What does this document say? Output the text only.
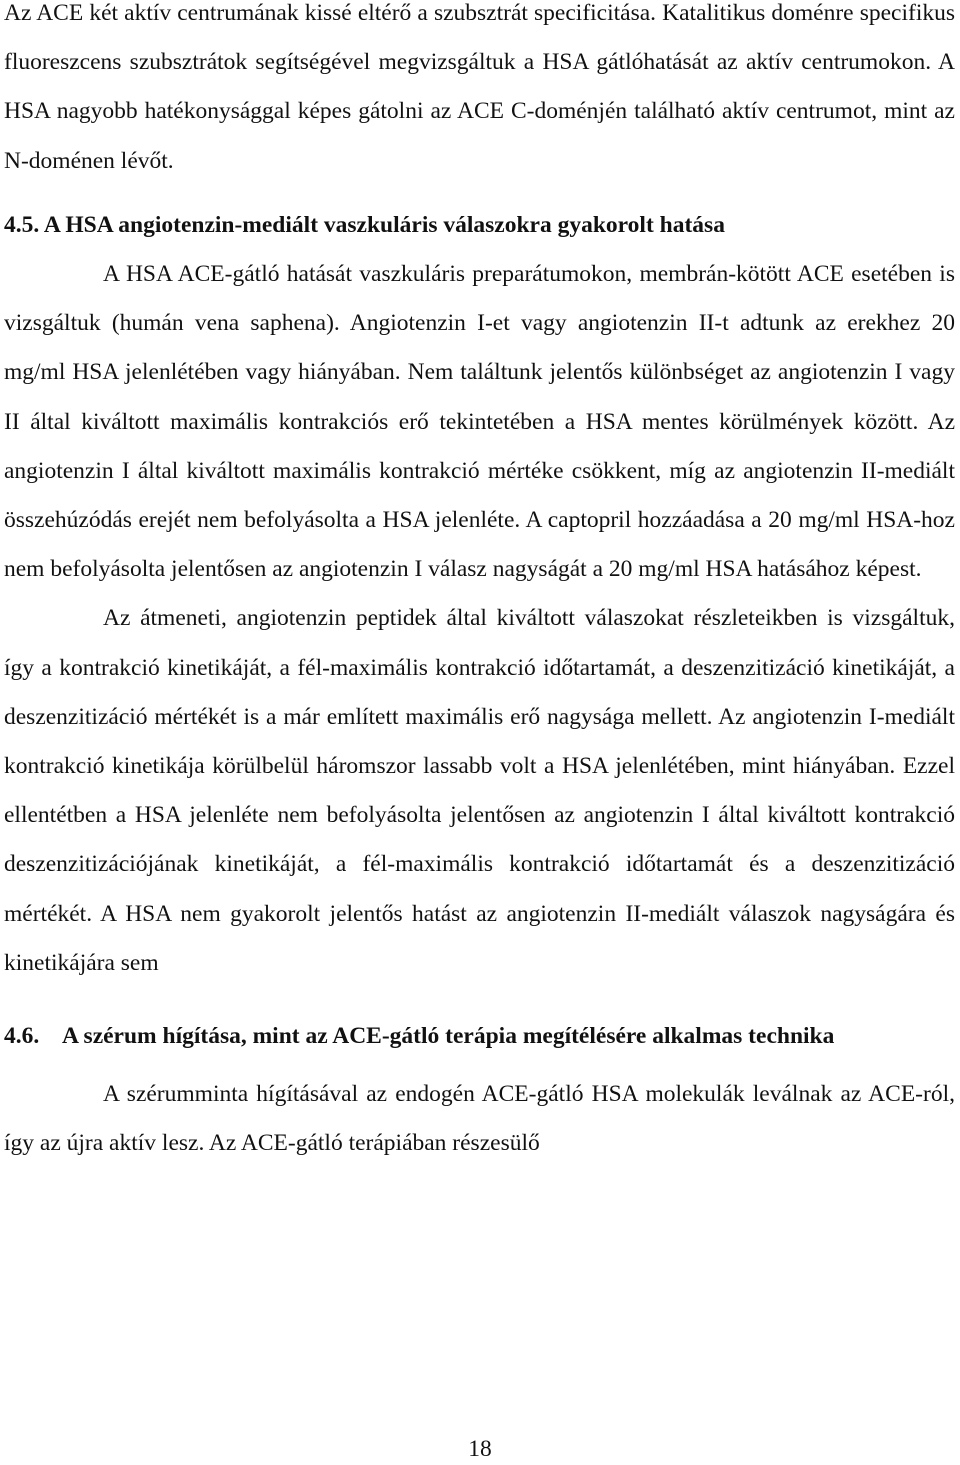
Az ACE két aktív centrumának kissé eltérő a szubsztrát specificitása. Katalitikus doménre specifikus fluoreszcens szubsztrátok segítségével megvizsgáltuk a HSA gátlóhatását az aktív centrumokon. A HSA nagyobb hatékonysággal képes gátolni az ACE C-doménjén található aktív centrumot, mint az N-doménen lévőt.

4.5. A HSA angiotenzin-mediált vaszkuláris válaszokra gyakorolt hatása

A HSA ACE-gátló hatását vaszkuláris preparátumokon, membrán-kötött ACE esetében is vizsgáltuk (humán vena saphena). Angiotenzin I-et vagy angiotenzin II-t adtunk az erekhez 20 mg/ml HSA jelenlétében vagy hiányában. Nem találtunk jelentős különbséget az angiotenzin I vagy II által kiváltott maximális kontrakciós erő tekintetében a HSA mentes körülmények között. Az angiotenzin I által kiváltott maximális kontrakció mértéke csökkent, míg az angiotenzin II-mediált összehúzódás erejét nem befolyásolta a HSA jelenléte. A captopril hozzáadása a 20 mg/ml HSA-hoz nem befolyásolta jelentősen az angiotenzin I válasz nagyságát a 20 mg/ml HSA hatásához képest.

Az átmeneti, angiotenzin peptidek által kiváltott válaszokat részleteikben is vizsgáltuk, így a kontrakció kinetikáját, a fél-maximális kontrakció időtartamát, a deszenzitizáció kinetikáját, a deszenzitizáció mértékét is a már említett maximális erő nagysága mellett. Az angiotenzin I-mediált kontrakció kinetikája körülbelül háromszor lassabb volt a HSA jelenlétében, mint hiányában. Ezzel ellentétben a HSA jelenléte nem befolyásolta jelentősen az angiotenzin I által kiváltott kontrakció deszenzitizációjának kinetikáját, a fél-maximális kontrakció időtartamát és a deszenzitizáció mértékét. A HSA nem gyakorolt jelentős hatást az angiotenzin II-mediált válaszok nagyságára és kinetikájára sem

4.6. A szérum hígítása, mint az ACE-gátló terápia megítélésére alkalmas technika

A szérumminta hígításával az endogén ACE-gátló HSA molekulák leválnak az ACE-ról, így az újra aktív lesz. Az ACE-gátló terápiában részesülő

18
